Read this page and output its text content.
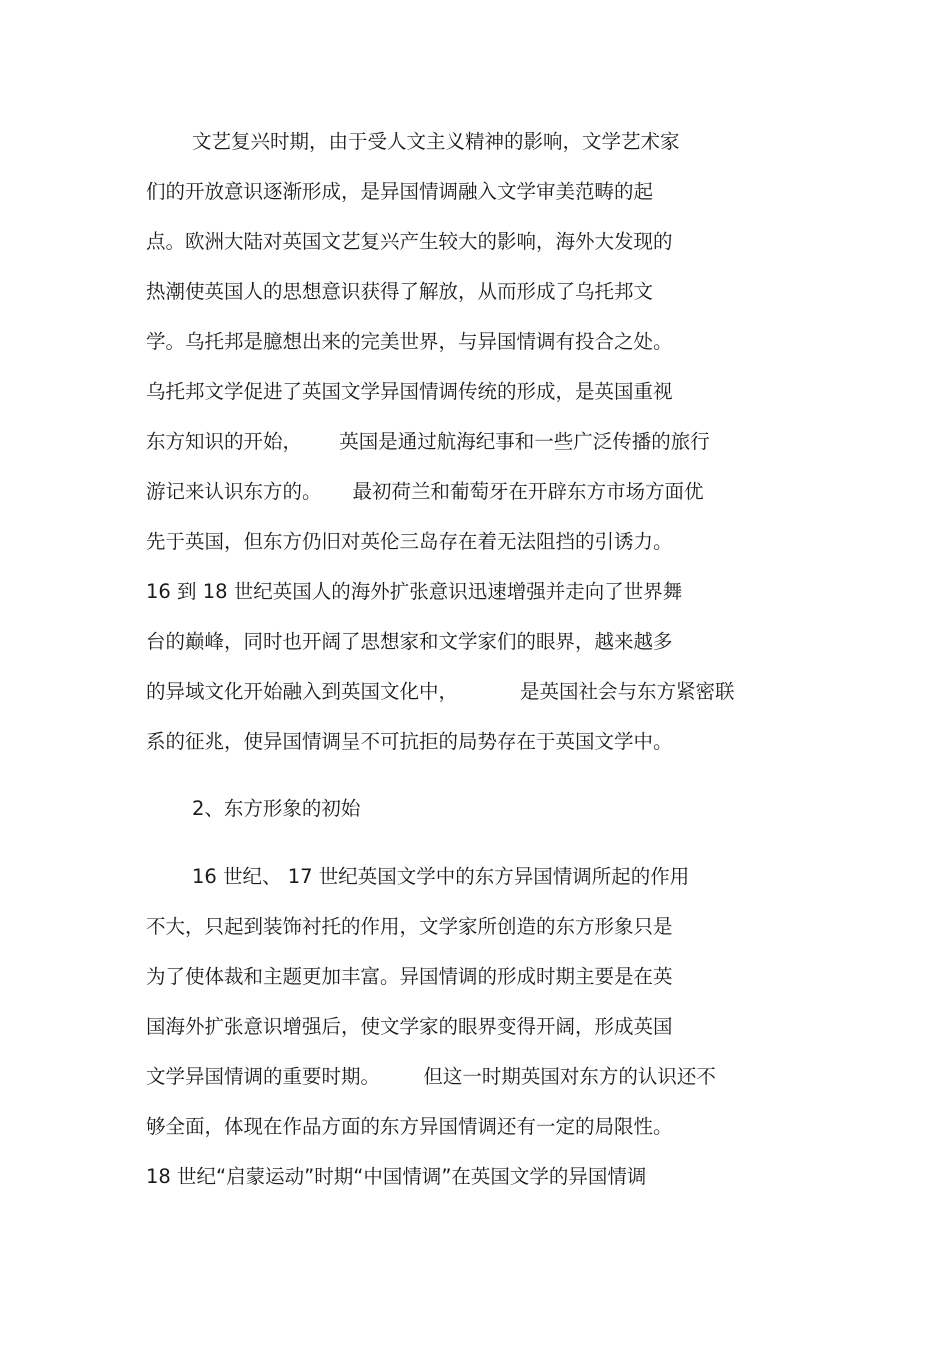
文艺复兴时期，由于受人文主义精神的影响，文学艺术家
们的开放意识逐渐形成，是异国情调融入文学审美范畴的起
点。欧洲大陆对英国文艺复兴产生较大的影响，海外大发现的
热潮使英国人的思想意识获得了解放，从而形成了乌托邦文
学。乌托邦是臆想出来的完美世界，与异国情调有投合之处。
乌托邦文学促进了英国文学异国情调传统的形成，是英国重视
东方知识的开始，      英国是通过航海纪事和一些广泛传播的旅行
游记来认识东方的。     最初荷兰和葡萄牙在开辟东方市场方面优
先于英国，但东方仍旧对英伦三岛存在着无法阻挡的引诱力。
16 到 18 世纪英国人的海外扩张意识迅速增强并走向了世界舞
台的巅峰，同时也开阔了思想家和文学家们的眼界，越来越多
的异域文化开始融入到英国文化中，          是英国社会与东方紧密联
系的征兆，使异国情调呈不可抗拒的局势存在于英国文学中。
2、东方形象的初始
16 世纪、 17 世纪英国文学中的东方异国情调所起的作用
不大，只起到装饰衬托的作用，文学家所创造的东方形象只是
为了使体裁和主题更加丰富。异国情调的形成时期主要是在英
国海外扩张意识增强后，使文学家的眼界变得开阔，形成英国
文学异国情调的重要时期。       但这一时期英国对东方的认识还不
够全面，体现在作品方面的东方异国情调还有一定的局限性。
18 世纪“启蒙运动”时期“中国情调”在英国文学的异国情调
